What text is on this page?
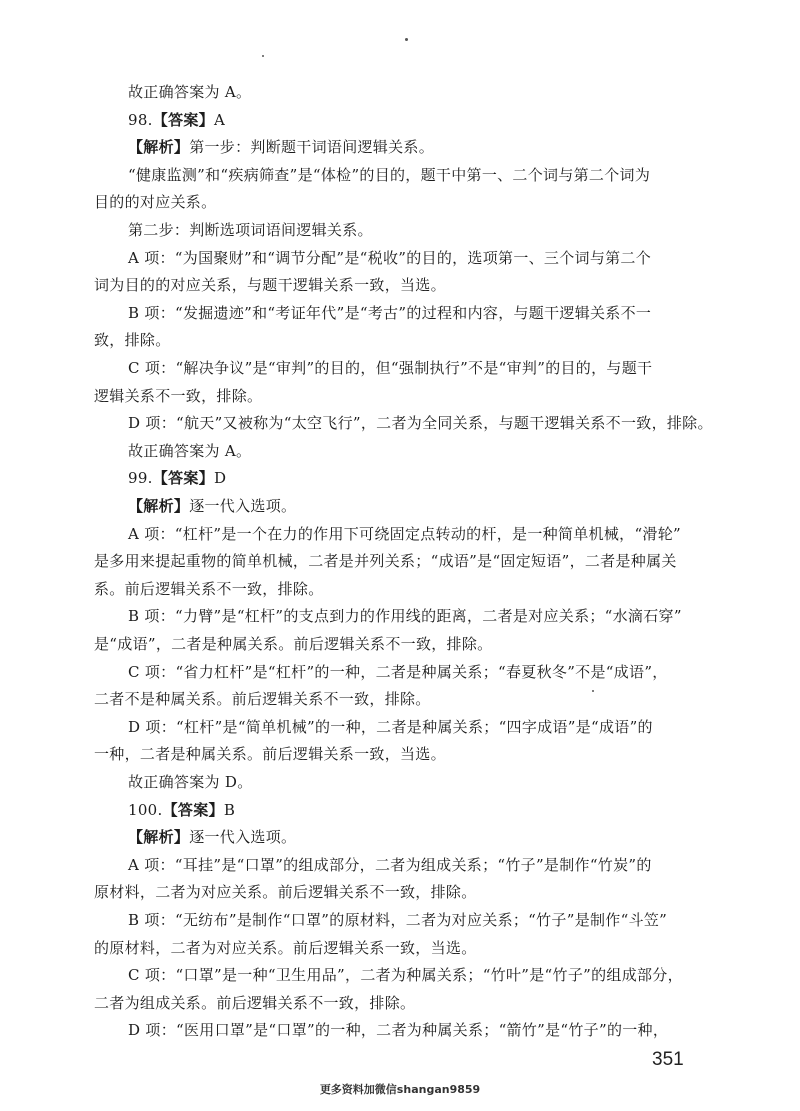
故正确答案为 A。
98.【答案】A
【解析】第一步：判断题干词语间逻辑关系。
“健康监测”和“疾病筛查”是“体检”的目的，题干中第一、二个词与第二个词为
目的的对应关系。
第二步：判断选项词语间逻辑关系。
A 项：“为国聚财”和“调节分配”是“税收”的目的，选项第一、三个词与第二个
词为目的的对应关系，与题干逻辑关系一致，当选。
B 项：“发掘遗迹”和“考证年代”是“考古”的过程和内容，与题干逻辑关系不一
致，排除。
C 项：“解决争议”是“审判”的目的，但“强制执行”不是“审判”的目的，与题干
逻辑关系不一致，排除。
D 项：“航天”又被称为“太空飞行”，二者为全同关系，与题干逻辑关系不一致，排除。
故正确答案为 A。
99.【答案】D
【解析】逐一代入选项。
A 项：“杠杆”是一个在力的作用下可绕固定点转动的杆，是一种简单机械，“滑轮”
是多用来提起重物的简单机械，二者是并列关系；“成语”是“固定短语”，二者是种属关
系。前后逻辑关系不一致，排除。
B 项：“力臂”是“杠杆”的支点到力的作用线的距离，二者是对应关系；“水滴石穿”
是“成语”，二者是种属关系。前后逻辑关系不一致，排除。
C 项：“省力杠杆”是“杠杆”的一种，二者是种属关系；“春夏秋冬”不是“成语”，
二者不是种属关系。前后逻辑关系不一致，排除。
D 项：“杠杆”是“简单机械”的一种，二者是种属关系；“四字成语”是“成语”的
一种，二者是种属关系。前后逻辑关系一致，当选。
故正确答案为 D。
100.【答案】B
【解析】逐一代入选项。
A 项：“耳挂”是“口罩”的组成部分，二者为组成关系；“竹子”是制作“竹炭”的
原材料，二者为对应关系。前后逻辑关系不一致，排除。
B 项：“无纺布”是制作“口罩”的原材料，二者为对应关系；“竹子”是制作“斗笠”
的原材料，二者为对应关系。前后逻辑关系一致，当选。
C 项：“口罩”是一种“卫生用品”，二者为种属关系；“竹叶”是“竹子”的组成部分，
二者为组成关系。前后逻辑关系不一致，排除。
D 项：“医用口罩”是“口罩”的一种，二者为种属关系；“箭竹”是“竹子”的一种，
351
更多资料加微信shangan9859
